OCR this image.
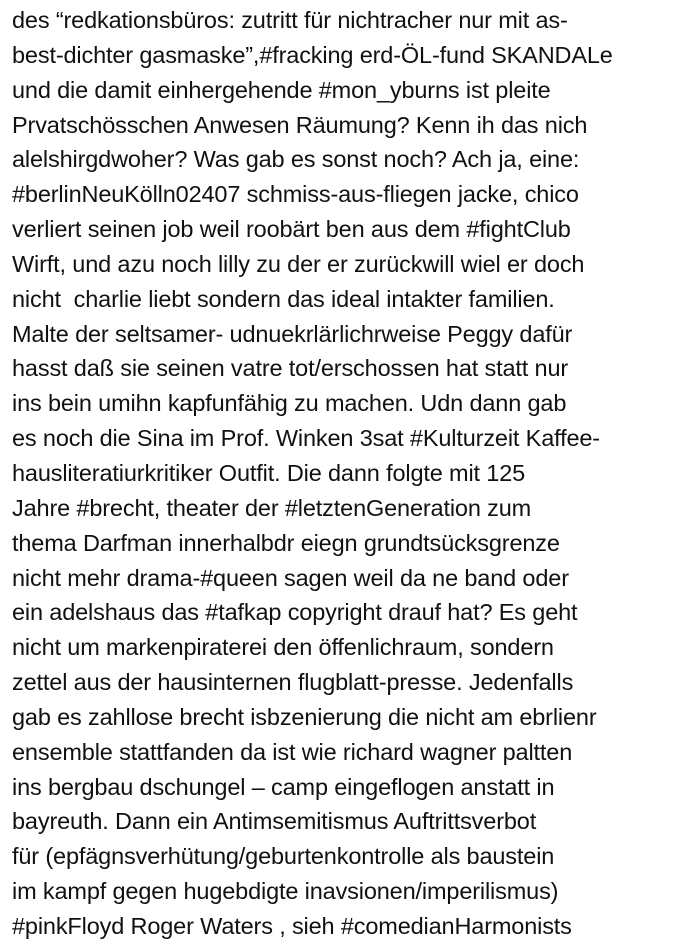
des “redkationsbüros: zutritt für nichtracher nur mit as-
best-dichter gasmaske”,#fracking erd-ÖL-fund SKANDALe
und die damit einhergehende #mon_yburns ist pleite
Prvatschösschen Anwesen Räumung? Kenn ih das nich
alelshirgdwoher? Was gab es sonst noch? Ach ja, eine:
#berlinNeuKölln02407 schmiss-aus-fliegen jacke, chico
verliert seinen job weil roobärt ben aus dem #fightClub
Wirft, und azu noch lilly zu der er zurückwill wiel er doch
nicht  charlie liebt sondern das ideal intakter familien.
Malte der seltsamer- udnuekrlärlichrweise Peggy dafür
hasst daß sie seinen vatre tot/erschossen hat statt nur
ins bein umihn kapfunfähig zu machen. Udn dann gab
es noch die Sina im Prof. Winken 3sat #Kulturzeit Kaffee-
hausliteratiurkritiker Outfit. Die dann folgte mit 125
Jahre #brecht, theater der #letztenGeneration zum
thema Darfman innerhalbdr eiegn grundtsücksgrenze
nicht mehr drama-#queen sagen weil da ne band oder
ein adelshaus das #tafkap copyright drauf hat? Es geht
nicht um markenpiraterei den öffenlichraum, sondern
zettel aus der hausinternen flugblatt-presse. Jedenfalls
gab es zahllose brecht isbzenierung die nicht am ebrlienr
ensemble stattfanden da ist wie richard wagner paltten
ins bergbau dschungel – camp eingeflogen anstatt in
bayreuth. Dann ein Antimsemitismus Auftrittsverbot
für (epfägnsverhütung/geburtenkontrolle als baustein
im kampf gegen hugebdigte inavsionen/imperilismus)
#pinkFloyd Roger Waters , sieh #comedianHarmonists
